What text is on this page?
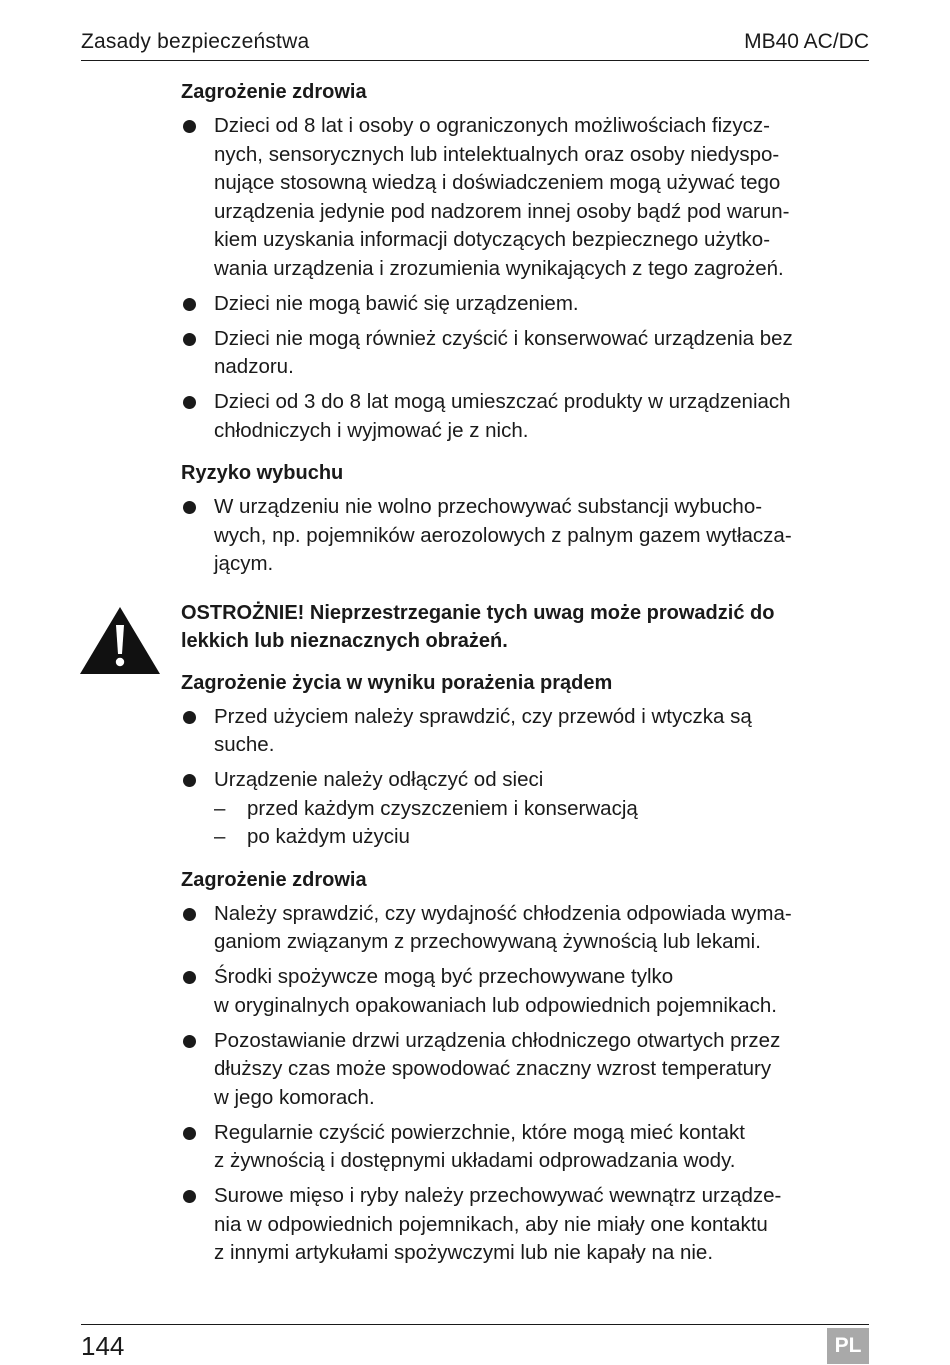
Zasady bezpieczeństwa	MB40 AC/DC
Zagrożenie zdrowia
Dzieci od 8 lat i osoby o ograniczonych możliwościach fizycz-
nych, sensorycznych lub intelektualnych oraz osoby niedyspo-
nujące stosowną wiedzą i doświadczeniem mogą używać tego
urządzenia jedynie pod nadzorem innej osoby bądź pod warun-
kiem uzyskania informacji dotyczących bezpiecznego użytko-
wania urządzenia i zrozumienia wynikających z tego zagrożeń.
Dzieci nie mogą bawić się urządzeniem.
Dzieci nie mogą również czyścić i konserwować urządzenia bez
nadzoru.
Dzieci od 3 do 8 lat mogą umieszczać produkty w urządzeniach
chłodniczych i wyjmować je z nich.
Ryzyko wybuchu
W urządzeniu nie wolno przechowywać substancji wybucho-
wych, np. pojemników aerozolowych z palnym gazem wytłacza-
jącym.
OSTROŻNIE! Nieprzestrzeganie tych uwag może prowadzić do
lekkich lub nieznacznych obrażeń.
Zagrożenie życia w wyniku porażenia prądem
Przed użyciem należy sprawdzić, czy przewód i wtyczka są
suche.
Urządzenie należy odłączyć od sieci
– przed każdym czyszczeniem i konserwacją
– po każdym użyciu
Zagrożenie zdrowia
Należy sprawdzić, czy wydajność chłodzenia odpowiada wyma-
ganiom związanym z przechowywaną żywnością lub lekami.
Środki spożywcze mogą być przechowywane tylko
w oryginalnych opakowaniach lub odpowiednich pojemnikach.
Pozostawianie drzwi urządzenia chłodniczego otwartych przez
dłuższy czas może spowodować znaczny wzrost temperatury
w jego komorach.
Regularnie czyścić powierzchnie, które mogą mieć kontakt
z żywnością i dostępnymi układami odprowadzania wody.
Surowe mięso i ryby należy przechowywać wewnątrz urządze-
nia w odpowiednich pojemnikach, aby nie miały one kontaktu
z innymi artykułami spożywczymi lub nie kapały na nie.
144	PL
